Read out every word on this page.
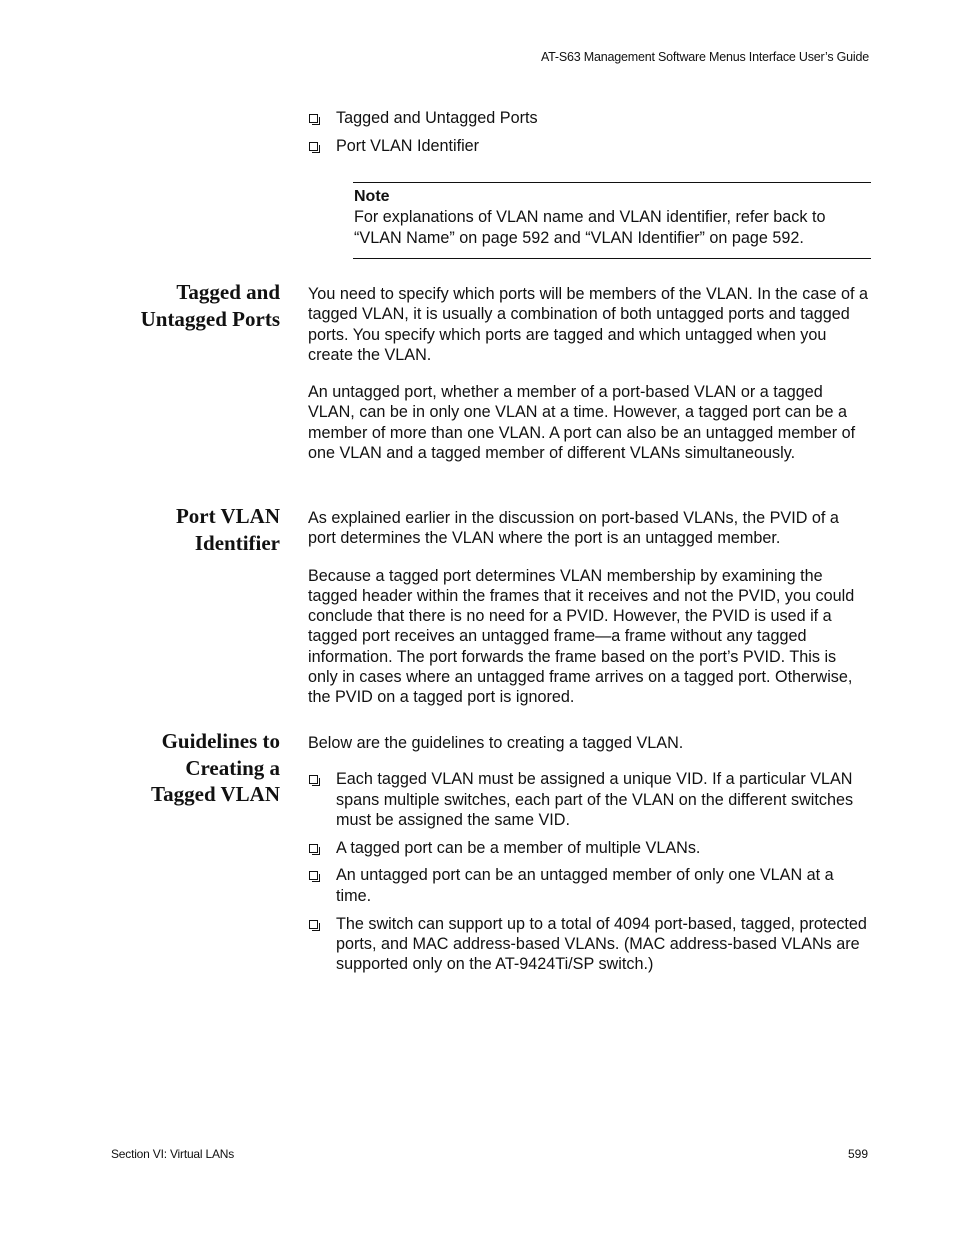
AT-S63 Management Software Menus Interface User’s Guide
Tagged and Untagged Ports
Port VLAN Identifier
Note
For explanations of VLAN name and VLAN identifier, refer back to “VLAN Name” on page 592 and “VLAN Identifier” on page 592.
Tagged and
Untagged Ports

You need to specify which ports will be members of the VLAN. In the case of a tagged VLAN, it is usually a combination of both untagged ports and tagged ports. You specify which ports are tagged and which untagged when you create the VLAN.

An untagged port, whether a member of a port-based VLAN or a tagged VLAN, can be in only one VLAN at a time. However, a tagged port can be a member of more than one VLAN. A port can also be an untagged member of one VLAN and a tagged member of different VLANs simultaneously.

Port VLAN
Identifier

As explained earlier in the discussion on port-based VLANs, the PVID of a port determines the VLAN where the port is an untagged member.

Because a tagged port determines VLAN membership by examining the tagged header within the frames that it receives and not the PVID, you could conclude that there is no need for a PVID. However, the PVID is used if a tagged port receives an untagged frame—a frame without any tagged information. The port forwards the frame based on the port’s PVID. This is only in cases where an untagged frame arrives on a tagged port. Otherwise, the PVID on a tagged port is ignored.

Guidelines to
Creating a
Tagged VLAN

Below are the guidelines to creating a tagged VLAN.

Each tagged VLAN must be assigned a unique VID. If a particular VLAN spans multiple switches, each part of the VLAN on the different switches must be assigned the same VID.
A tagged port can be a member of multiple VLANs.
An untagged port can be an untagged member of only one VLAN at a time.
The switch can support up to a total of 4094 port-based, tagged, protected ports, and MAC address-based VLANs. (MAC address-based VLANs are supported only on the AT-9424Ti/SP switch.)
Section VI: Virtual LANs	599
